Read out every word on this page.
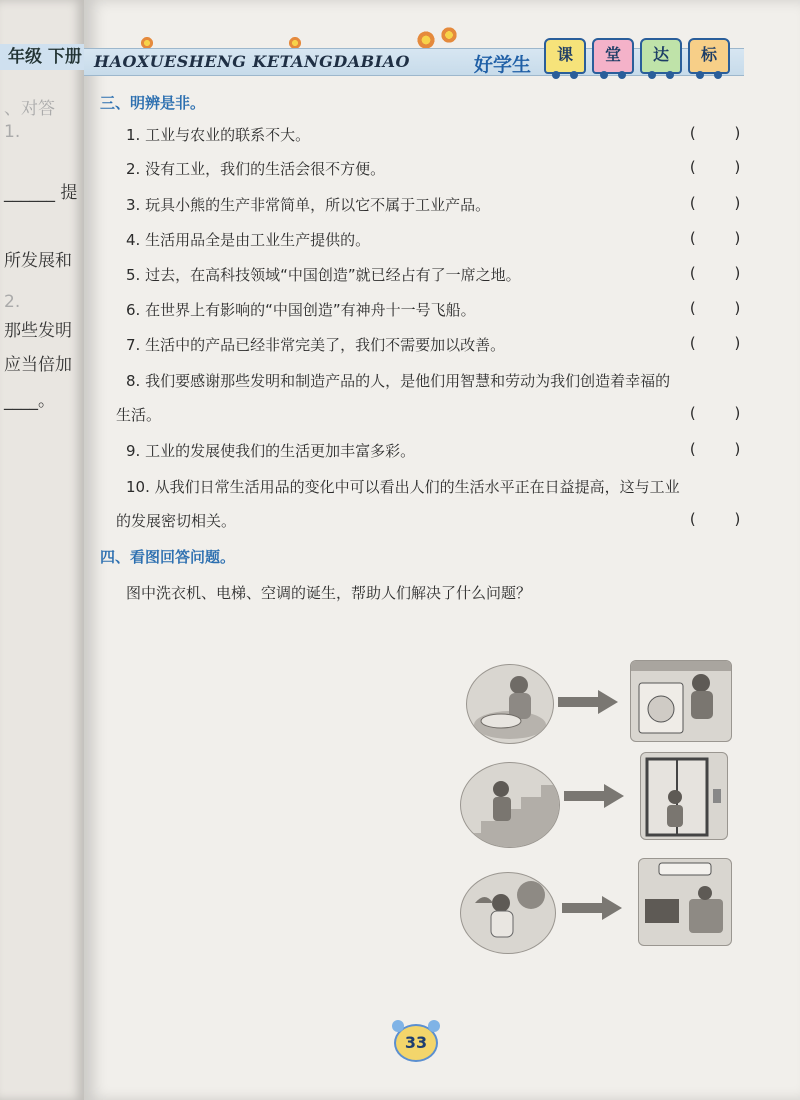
年级 下册
、对答
1.
______ 提
所发展和
2.
那些发明
应当倍加
____。
HAOXUESHENG KETANGDABIAO	好学生	课	堂	达	标
三、明辨是非。
1. 工业与农业的联系不大。	(    )
2. 没有工业，我们的生活会很不方便。	(    )
3. 玩具小熊的生产非常简单，所以它不属于工业产品。	(    )
4. 生活用品全是由工业生产提供的。	(    )
5. 过去，在高科技领域“中国创造”就已经占有了一席之地。	(    )
6. 在世界上有影响的“中国创造”有神舟十一号飞船。	(    )
7. 生活中的产品已经非常完美了，我们不需要加以改善。	(    )
8. 我们要感谢那些发明和制造产品的人，是他们用智慧和劳动为我们创造着幸福的
生活。	(    )
9. 工业的发展使我们的生活更加丰富多彩。	(    )
10. 从我们日常生活用品的变化中可以看出人们的生活水平正在日益提高，这与工业
的发展密切相关。	(    )
四、看图回答问题。
图中洗衣机、电梯、空调的诞生，帮助人们解决了什么问题？
33
